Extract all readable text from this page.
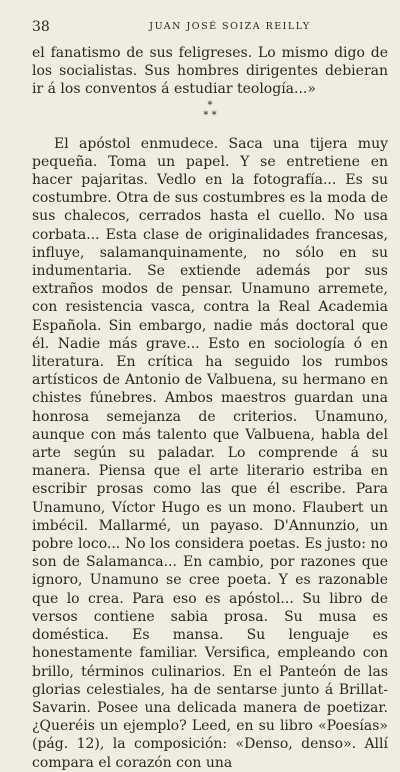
38	JUAN JOSÉ SOIZA REILLY

el fanatismo de sus feligreses. Lo mismo digo de los socialistas. Sus hombres dirigentes debieran ir á los conventos á estudiar teología...»

*
* *

El apóstol enmudece. Saca una tijera muy pequeña. Toma un papel. Y se entretiene en hacer pajaritas. Vedlo en la fotografía... Es su costumbre. Otra de sus costumbres es la moda de sus chalecos, cerrados hasta el cuello. No usa corbata... Esta clase de originalidades francesas, influye, salamanquinamente, no sólo en su indumentaria. Se extiende además por sus extraños modos de pensar. Unamuno arremete, con resistencia vasca, contra la Real Academia Española. Sin embargo, nadie más doctoral que él. Nadie más grave... Esto en sociología ó en literatura. En crítica ha seguido los rumbos artísticos de Antonio de Valbuena, su hermano en chistes fúnebres. Ambos maestros guardan una honrosa semejanza de criterios. Unamuno, aunque con más talento que Valbuena, habla del arte según su paladar. Lo comprende á su manera. Piensa que el arte literario estriba en escribir prosas como las que él escribe. Para Unamuno, Víctor Hugo es un mono. Flaubert un imbécil. Mallarmé, un payaso. D'Annunzio, un pobre loco... No los considera poetas. Es justo: no son de Salamanca... En cambio, por razones que ignoro, Unamuno se cree poeta. Y es razonable que lo crea. Para eso es apóstol... Su libro de versos contiene sabia prosa. Su musa es doméstica. Es mansa. Su lenguaje es honestamente familiar. Versifica, empleando con brillo, términos culinarios. En el Panteón de las glorias celestiales, ha de sentarse junto á Brillat-Savarin. Posee una delicada manera de poetizar. ¿Queréis un ejemplo? Leed, en su libro «Poesías» (pág. 12), la composición: «Denso, denso». Allí compara el corazón con una
